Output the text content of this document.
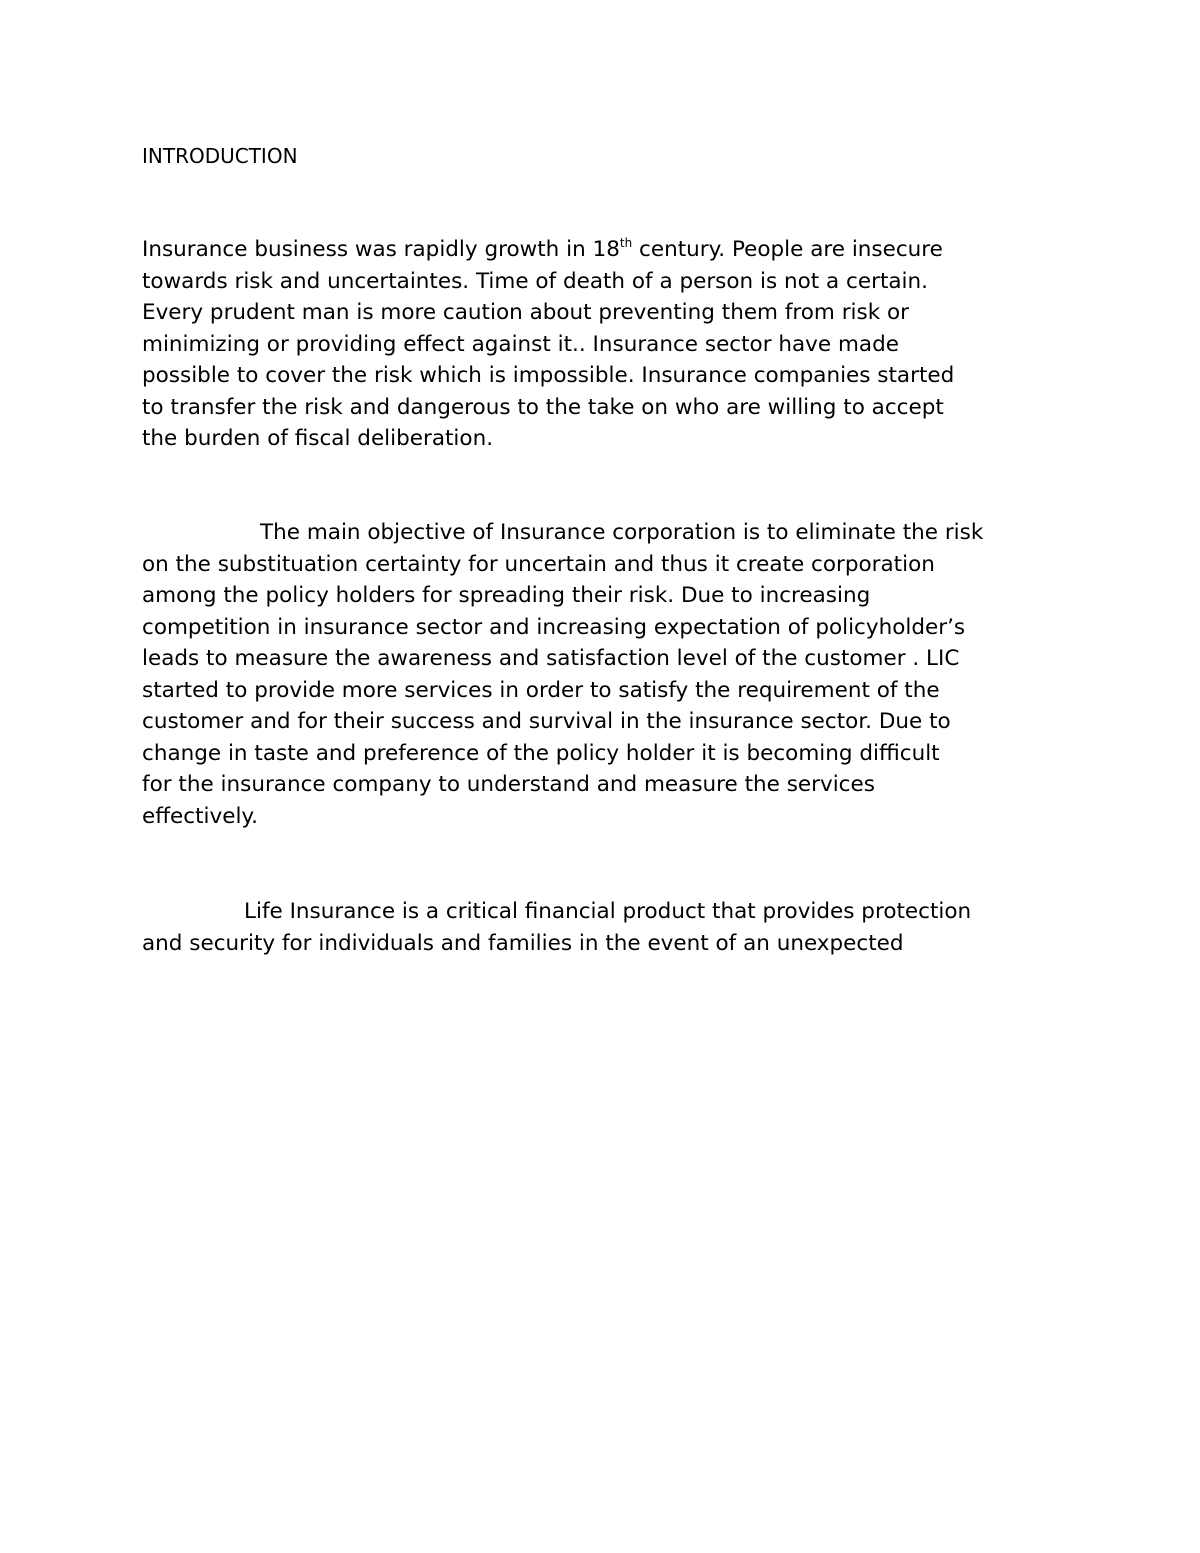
INTRODUCTION
Insurance business was rapidly growth in 18th century. People are insecure
towards risk and uncertaintes. Time of death of a person is not a certain.
Every prudent man is more caution about preventing them from risk or
minimizing or providing effect against it.. Insurance sector have made
possible to cover the risk which is impossible. Insurance companies started
to transfer the risk and dangerous to the take on who are willing to accept
the burden of fiscal deliberation.
The main objective of Insurance corporation is to eliminate the risk
on the substituation certainty for uncertain and thus it create corporation
among the policy holders for spreading their risk. Due to increasing
competition in insurance sector and increasing expectation of policyholder’s
leads to measure the awareness and satisfaction level of the customer . LIC
started to provide more services in order to satisfy the requirement of the
customer and for their success and survival in the insurance sector. Due to
change in taste and preference of the policy holder it is becoming difficult
for the insurance company to understand and measure the services
effectively.
Life Insurance is a critical financial product that provides protection
and security for individuals and families in the event of an unexpected
